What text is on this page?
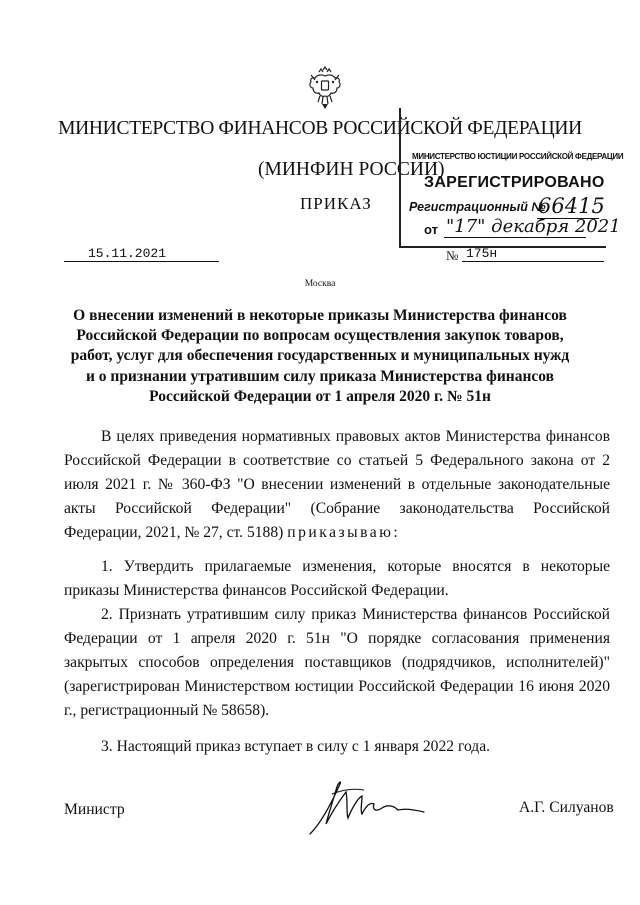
МИНИСТЕРСТВО ФИНАНСОВ РОССИЙСКОЙ ФЕДЕРАЦИИ
(МИНФИН РОССИИ)
ПРИКАЗ
МИНИСТЕРСТВО ЮСТИЦИИ РОССИЙСКОЙ ФЕДЕРАЦИИ
ЗАРЕГИСТРИРОВАНО
Регистрационный №
66415
от "17" декабря 2021
15.11.2021	№ 175н
Москва
О внесении изменений в некоторые приказы Министерства финансов
Российской Федерации по вопросам осуществления закупок товаров,
работ, услуг для обеспечения государственных и муниципальных нужд
и о признании утратившим силу приказа Министерства финансов
Российской Федерации от 1 апреля 2020 г. № 51н
В целях приведения нормативных правовых актов Министерства финансов Российской Федерации в соответствие со статьей 5 Федерального закона от 2 июля 2021 г. № 360-ФЗ "О внесении изменений в отдельные законодательные акты Российской Федерации" (Собрание законодательства Российской Федерации, 2021, № 27, ст. 5188) приказываю:
1. Утвердить прилагаемые изменения, которые вносятся в некоторые приказы Министерства финансов Российской Федерации.
2. Признать утратившим силу приказ Министерства финансов Российской Федерации от 1 апреля 2020 г. 51н "О порядке согласования применения закрытых способов определения поставщиков (подрядчиков, исполнителей)" (зарегистрирован Министерством юстиции Российской Федерации 16 июня 2020 г., регистрационный № 58658).
3. Настоящий приказ вступает в силу с 1 января 2022 года.
Министр	А.Г. Силуанов
